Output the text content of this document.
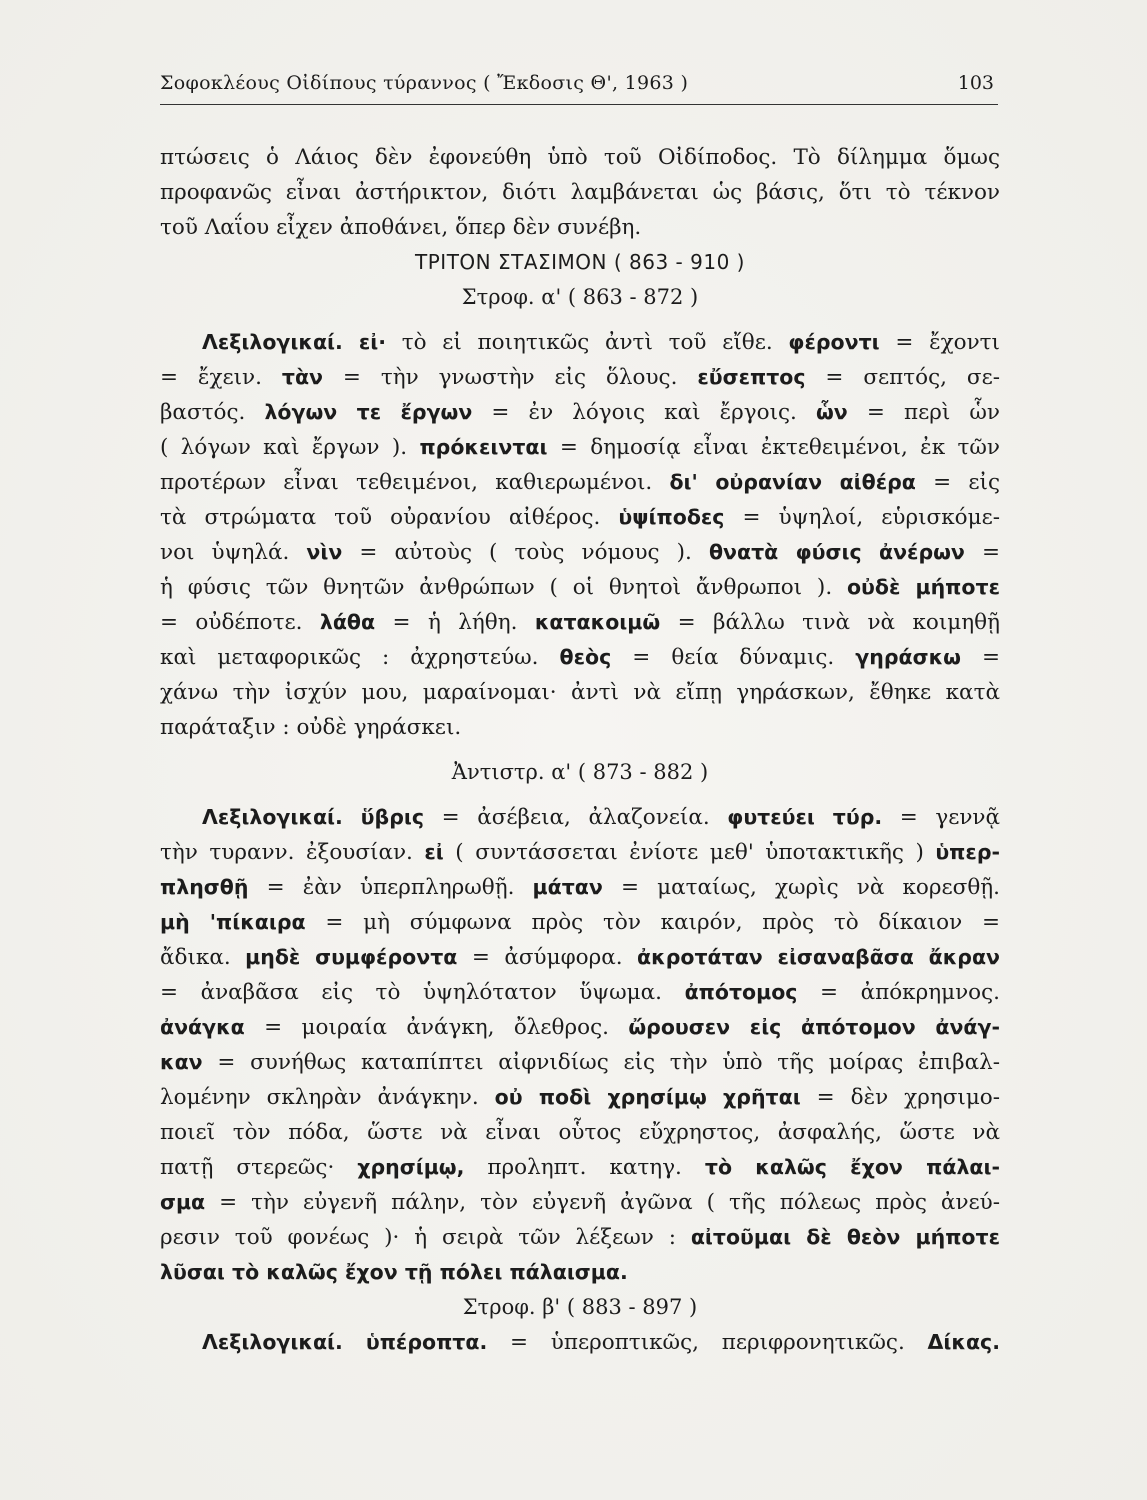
Σοφοκλέους Οἰδίπους τύραννος ( Ἔκδοσις Θ', 1963 )	103
πτώσεις ὁ Λάιος δὲν ἐφονεύθη ὑπὸ τοῦ Οἰδίποδος. Τὸ δίλημμα ὅμως
προφανῶς εἶναι ἀστήρικτον, διότι λαμβάνεται ὡς βάσις, ὅτι τὸ τέκνον
τοῦ Λαΐου εἶχεν ἀποθάνει, ὅπερ δὲν συνέβη.
ΤΡΙΤΟΝ ΣΤΑΣΙΜΟΝ ( 863 - 910 )
Στροφ. α' ( 863 - 872 )
Λεξιλογικαί. εἰ· τὸ εἰ ποιητικῶς ἀντὶ τοῦ εἴθε. φέροντι = ἔχοντι
= ἔχειν. τὰν = τὴν γνωστὴν εἰς ὅλους. εὔσεπτος = σεπτός, σε-
βαστός. λόγων τε ἔργων = ἐν λόγοις καὶ ἔργοις. ὧν = περὶ ὧν
( λόγων καὶ ἔργων ). πρόκεινται = δημοσίᾳ εἶναι ἐκτεθειμένοι, ἐκ τῶν
προτέρων εἶναι τεθειμένοι, καθιερωμένοι. δι' οὐρανίαν αἰθέρα = εἰς
τὰ στρώματα τοῦ οὐρανίου αἰθέρος. ὑψίποδες = ὑψηλοί, εὑρισκόμε-
νοι ὑψηλά. νὶν = αὐτοὺς ( τοὺς νόμους ). θνατὰ φύσις ἀνέρων =
ἡ φύσις τῶν θνητῶν ἀνθρώπων ( οἱ θνητοὶ ἄνθρωποι ). οὐδὲ μήποτε
= οὐδέποτε. λάθα = ἡ λήθη. κατακοιμῶ = βάλλω τινὰ νὰ κοιμηθῇ
καὶ μεταφορικῶς : ἀχρηστεύω. θεὸς = θεία δύναμις. γηράσκω =
χάνω τὴν ἰσχύν μου, μαραίνομαι· ἀντὶ νὰ εἴπῃ γηράσκων, ἔθηκε κατὰ
παράταξιν : οὐδὲ γηράσκει.
Ἀντιστρ. α' ( 873 - 882 )
Λεξιλογικαί. ὕβρις = ἀσέβεια, ἀλαζονεία. φυτεύει τύρ. = γεννᾷ
τὴν τυρανν. ἐξουσίαν. εἰ ( συντάσσεται ἐνίοτε μεθ' ὑποτακτικῆς ) ὑπερ-
πλησθῇ = ἐὰν ὑπερπληρωθῇ. μάταν = ματαίως, χωρὶς νὰ κορεσθῇ.
μὴ 'πίκαιρα = μὴ σύμφωνα πρὸς τὸν καιρόν, πρὸς τὸ δίκαιον =
ἄδικα. μηδὲ συμφέροντα = ἀσύμφορα. ἀκροτάταν εἰσαναβᾶσα ἄκραν
= ἀναβᾶσα εἰς τὸ ὑψηλότατον ὕψωμα. ἀπότομος = ἀπόκρημνος.
ἀνάγκα = μοιραία ἀνάγκη, ὄλεθρος. ὤρουσεν εἰς ἀπότομον ἀνάγ-
καν = συνήθως καταπίπτει αἰφνιδίως εἰς τὴν ὑπὸ τῆς μοίρας ἐπιβαλ-
λομένην σκληρὰν ἀνάγκην. οὐ ποδὶ χρησίμῳ χρῆται = δὲν χρησιμο-
ποιεῖ τὸν πόδα, ὥστε νὰ εἶναι οὗτος εὔχρηστος, ἀσφαλής, ὥστε νὰ
πατῇ στερεῶς· χρησίμῳ, προληπτ. κατηγ. τὸ καλῶς ἔχον πάλαι-
σμα = τὴν εὐγενῆ πάλην, τὸν εὐγενῆ ἀγῶνα ( τῆς πόλεως πρὸς ἀνεύ-
ρεσιν τοῦ φονέως )· ἡ σειρὰ τῶν λέξεων : αἰτοῦμαι δὲ θεὸν μήποτε
λῦσαι τὸ καλῶς ἔχον τῇ πόλει πάλαισμα.
Στροφ. β' ( 883 - 897 )
Λεξιλογικαί. ὑπέροπτα. = ὑπεροπτικῶς, περιφρονητικῶς. Δίκας.
